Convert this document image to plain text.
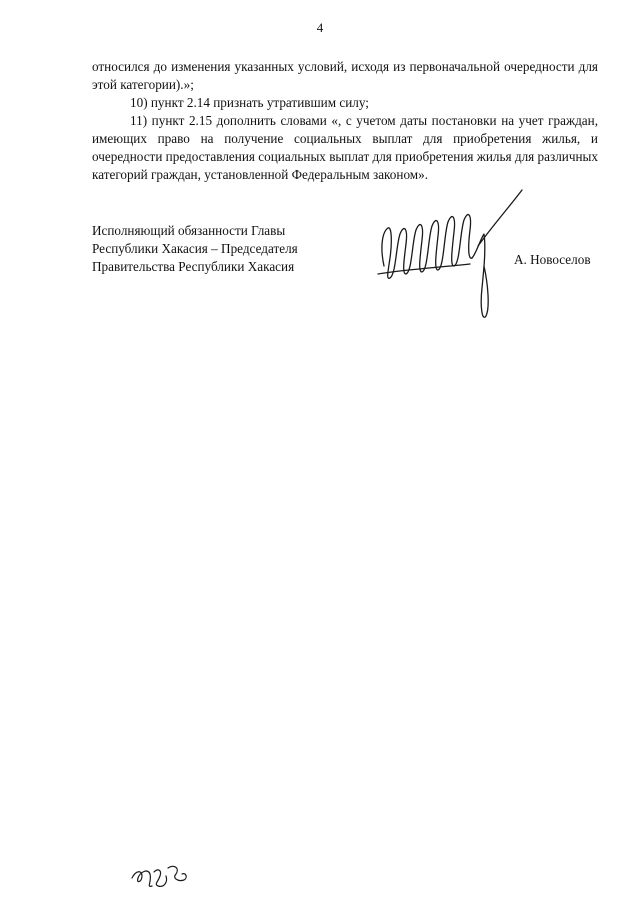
4

относился до изменения указанных условий, исходя из первоначальной очередности для этой категории).»;

10) пункт 2.14 признать утратившим силу;

11) пункт 2.15 дополнить словами «, с учетом даты постановки на учет граждан, имеющих право на получение социальных выплат для приобретения жилья, и очередности предоставления социальных выплат для приобретения жилья для различных категорий граждан, установленной Федеральным законом».

Исполняющий обязанности Главы
Республики Хакасия – Председателя
Правительства Республики Хакасия	А. Новоселов
